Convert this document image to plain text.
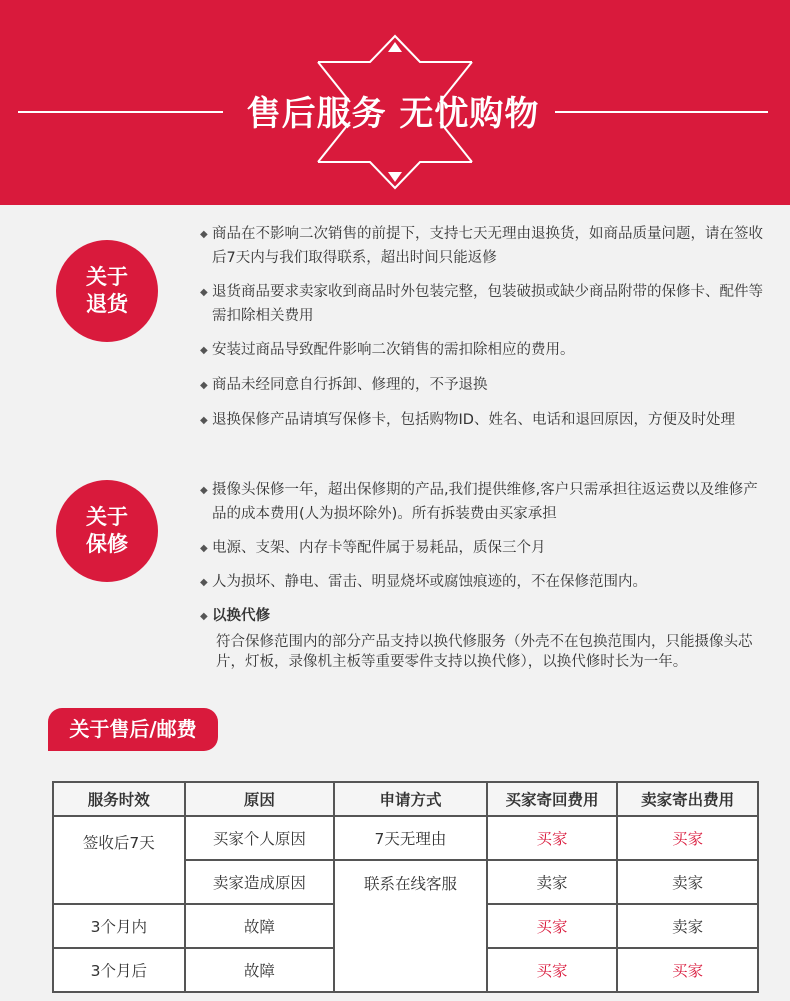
售后服务 无忧购物
关于
退货
◆ 商品在不影响二次销售的前提下，支持七天无理由退换货，如商品质量问题，请在签收后7天内与我们取得联系，超出时间只能返修
◆ 退货商品要求卖家收到商品时外包装完整，包装破损或缺少商品附带的保修卡、配件等需扣除相关费用
◆ 安装过商品导致配件影响二次销售的需扣除相应的费用。
◆ 商品未经同意自行拆卸、修理的，不予退换
◆ 退换保修产品请填写保修卡，包括购物ID、姓名、电话和退回原因，方便及时处理
关于
保修
◆ 摄像头保修一年，超出保修期的产品,我们提供维修,客户只需承担往返运费以及维修产品的成本费用(人为损坏除外)。所有拆装费由买家承担
◆ 电源、支架、内存卡等配件属于易耗品，质保三个月
◆ 人为损坏、静电、雷击、明显烧坏或腐蚀痕迹的，不在保修范围内。
◆ 以换代修
符合保修范围内的部分产品支持以换代修服务（外壳不在包换范围内，只能摄像头芯片，灯板，录像机主板等重要零件支持以换代修），以换代修时长为一年。
关于售后/邮费
服务时效	原因	申请方式	买家寄回费用	卖家寄出费用
签收后7天	买家个人原因	7天无理由	买家	买家
	卖家造成原因	联系在线客服	卖家	卖家
3个月内	故障		买家	卖家
3个月后	故障		买家	买家
